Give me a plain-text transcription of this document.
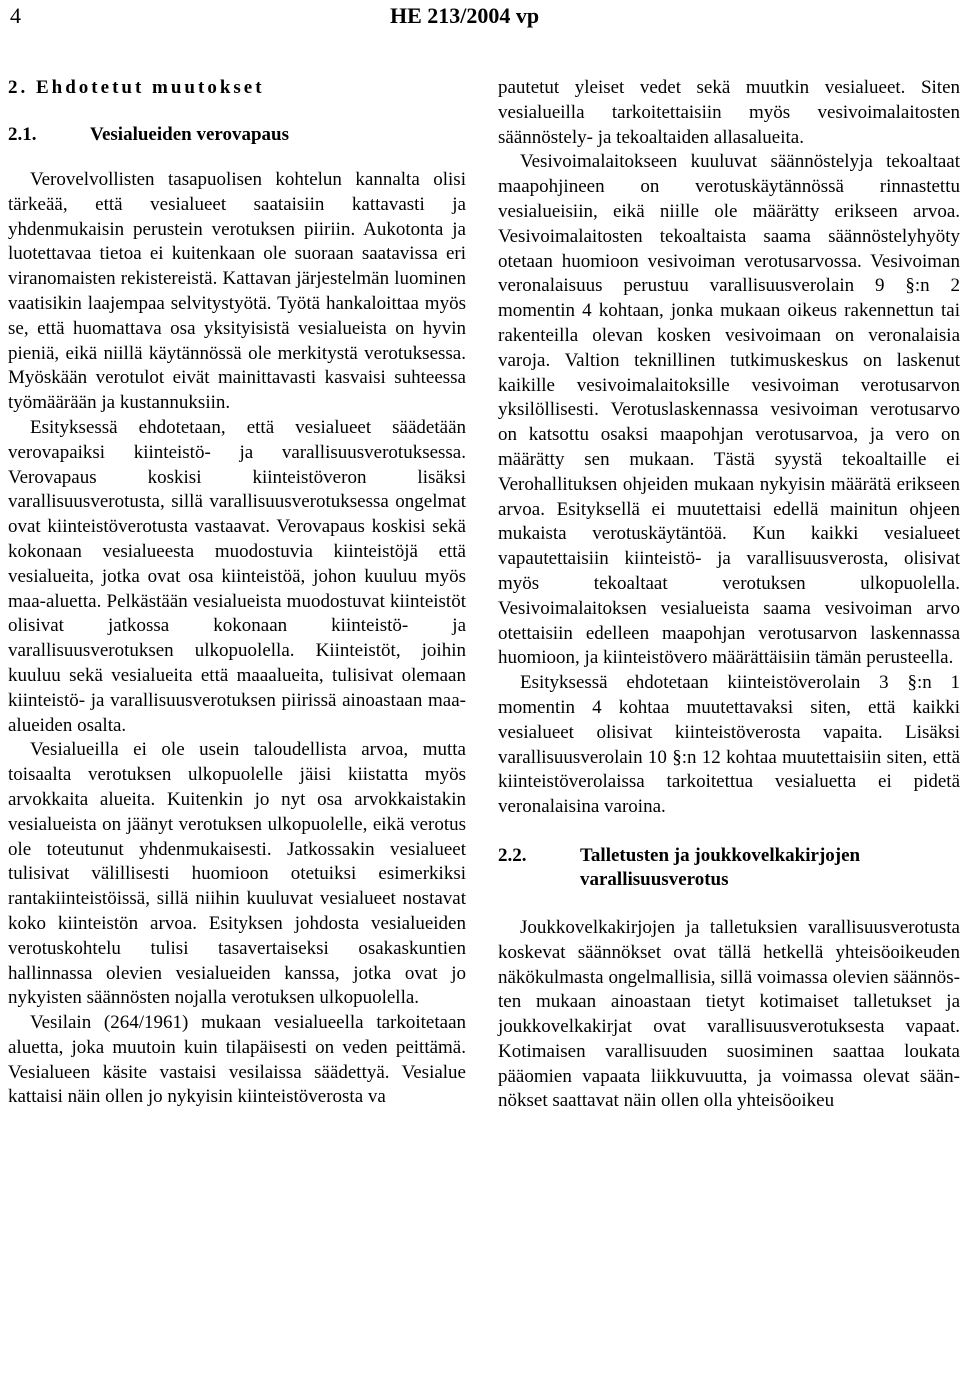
4	HE 213/2004 vp

2. Ehdotetut muutokset

2.1.	Vesialueiden verovapaus

Verovelvollisten tasapuolisen kohtelun kannalta olisi tärkeää, että vesialueet saataisiin kattavasti ja yhdenmukaisin perustein verotuksen piiriin. Aukotonta ja luotettavaa tietoa ei kuitenkaan ole suoraan saatavissa eri viranomaisten rekistereistä. Kattavan järjestelmän luominen vaatisikin laajempaa selvitystyötä. Työtä hankaloittaa myös se, että huomattava osa yksityisistä vesialueista on hyvin pieniä, eikä niillä käytännössä ole merkitystä verotuksessa. Myöskään verotulot eivät mainittavasti kasvaisi suhteessa työmäärään ja kustannuksiin.

Esityksessä ehdotetaan, että vesialueet säädetään verovapaiksi kiinteistö- ja varallisuusverotuksessa. Verovapaus koskisi kiinteistöveron lisäksi varallisuusverotusta, sillä varallisuusverotuksessa ongelmat ovat kiinteistöverotusta vastaavat. Verovapaus koskisi sekä kokonaan vesialueesta muodostuvia kiinteistöjä että vesialueita, jotka ovat osa kiinteistöä, johon kuuluu myös maa-aluetta. Pelkästään vesialueista muodostuvat kiinteistöt olisivat jatkossa kokonaan kiinteistö- ja varallisuusverotuksen ulkopuolella. Kiinteistöt, joihin kuuluu sekä vesialueita että maaalueita, tulisivat olemaan kiinteistö- ja varallisuusverotuksen piirissä ainoastaan maaalueiden osalta.

Vesialueilla ei ole usein taloudellista arvoa, mutta toisaalta verotuksen ulkopuolelle jäisi kiistatta myös arvokkaita alueita. Kuitenkin jo nyt osa arvokkaistakin vesialueista on jäänyt verotuksen ulkopuolelle, eikä verotus ole toteutunut yhdenmukaisesti. Jatkossakin vesialueet tulisivat välillisesti huomioon otetuiksi esimerkiksi rantakiinteistöissä, sillä niihin kuuluvat vesialueet nostavat koko kiinteistön arvoa. Esityksen johdosta vesialueiden verotuskohtelu tulisi tasavertaiseksi osakaskuntien hallinnassa olevien vesialueiden kanssa, jotka ovat jo nykyisten säännösten nojalla verotuksen ulkopuolella.

Vesilain (264/1961) mukaan vesialueella tarkoitetaan aluetta, joka muutoin kuin tilapäisesti on veden peittämä. Vesialueen käsite vastaisi vesilaissa säädettyä. Vesialue kattaisi näin ollen jo nykyisin kiinteistöverosta va

pautetut yleiset vedet sekä muutkin vesialueet. Siten vesialueilla tarkoitettaisiin myös vesivoimalaitosten säännöstely- ja tekoaltaiden allasalueita.

Vesivoimalaitokseen kuuluvat säännöstelyja tekoaltaat maapohjineen on verotuskäytännössä rinnastettu vesialueisiin, eikä niille ole määrätty erikseen arvoa. Vesivoimalaitosten tekoaltaista saama säännöstelyhyöty otetaan huomioon vesivoiman verotusarvossa. Vesivoiman veronalaisuus perustuu varallisuusverolain 9 §:n 2 momentin 4 kohtaan, jonka mukaan oikeus rakennettun tai rakenteilla olevan kosken vesivoimaan on veronalaisia varoja. Valtion teknillinen tutkimuskeskus on laskenut kaikille vesivoimalaitoksille vesivoiman verotusarvon yksilöllisesti. Verotuslaskennassa vesivoiman verotusarvo on katsottu osaksi maapohjan verotusarvoa, ja vero on määrätty sen mukaan. Tästä syystä tekoaltaille ei Verohallituksen ohjeiden mukaan nykyisin määrätä erikseen arvoa. Esityksellä ei muutettaisi edellä mainitun ohjeen mukaista verotuskäytäntöä. Kun kaikki vesialueet vapautettaisiin kiinteistö- ja varallisuusverosta, olisivat myös tekoaltaat verotuksen ulkopuolella. Vesivoimalaitoksen vesialueista saama vesivoiman arvo otettaisiin edelleen maapohjan verotusarvon laskennassa huomioon, ja kiinteistövero määrättäisiin tämän perusteella.

Esityksessä ehdotetaan kiinteistöverolain 3 §:n 1 momentin 4 kohtaa muutettavaksi siten, että kaikki vesialueet olisivat kiinteistöverosta vapaita. Lisäksi varallisuusverolain 10 §:n 12 kohtaa muutettaisiin siten, että kiinteistöverolaissa tarkoitettua vesialuetta ei pidetä veronalaisina varoina.

2.2.	Talletusten ja joukkovelkakirjojen varallisuusverotus

Joukkovelkakirjojen ja talletuksien varallisuusverotusta koskevat säännökset ovat tällä hetkellä yhteisöoikeuden näkökulmasta ongelmallisia, sillä voimassa olevien säännösten mukaan ainoastaan tietyt kotimaiset talletukset ja joukkovelkakirjat ovat varallisuusverotuksesta vapaat. Kotimaisen varallisuuden suosiminen saattaa loukata pääomien vapaata liikkuvuutta, ja voimassa olevat säännökset saattavat näin ollen olla yhteisöoikeu
